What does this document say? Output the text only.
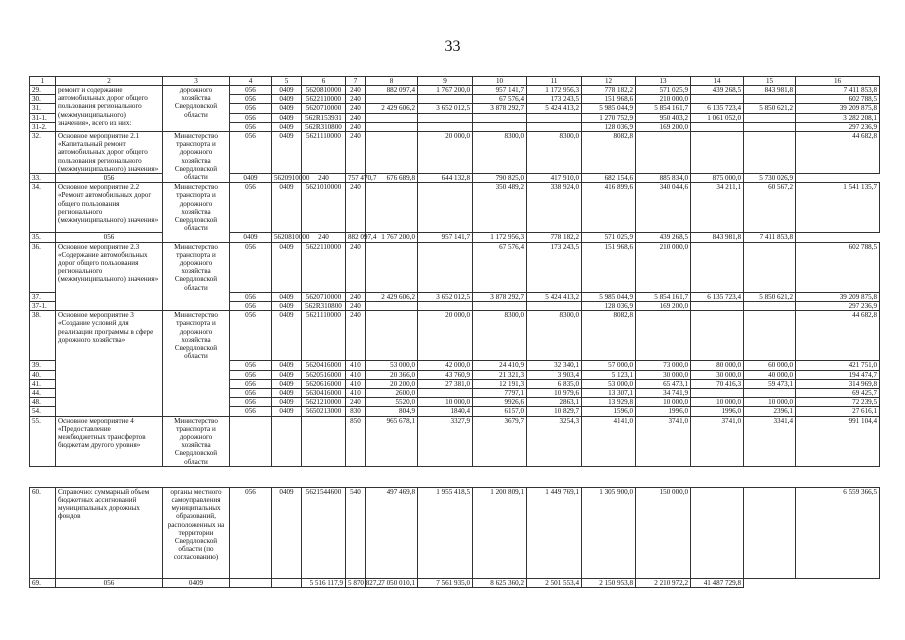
33
1	2	3	4	5	6	7	8	9	10	11	12	13	14	15	16
29.	ремонт и содержание автомобильных дорог общего пользования регионального (межмуниципального) значения», всего из них:	дорожного хозяйства Свердловской области	056	0409	5620810000	240	882 097,4	1 767 200,0	957 141,7	1 172 956,3	778 182,2	571 025,9	439 268,5	843 981,8	7 411 853,8
30.			056	0409	5622110000	240			67 576,4	173 243,5	151 968,6	210 000,0			602 788,5
31.			056	0409	5620710000	240	2 429 606,2	3 652 012,5	3 878 292,7	5 424 413,2	5 985 044,9	5 854 161,7	6 135 723,4	5 850 621,2	39 209 875,8
31-1.			056	0409	562R153931	240					1 270 752,9	950 403,2	1 061 052,0		3 282 208,1
31-2.			056	0409	562R310800	240					128 036,9	169 200,0			297 236,9
32.	Основное мероприятие 2.1 «Капитальный ремонт автомобильных дорог общего пользования регионального (межмуниципального) значения»	Министерство транспорта и дорожного хозяйства Свердловской области	056	0409	5621110000	240		20 000,0	8300,0	8300,0	8082,8				44 682,8
33.	056		0409	5620910000	240	757 470,7	676 689,8	644 132,8	790 825,0	417 910,0	682 154,6	885 834,0	875 000,0	5 730 026,9	
34.	Основное мероприятие 2.2 «Ремонт автомобильных дорог общего пользования регионального (межмуниципального) значения»	Министерство транспорта и дорожного хозяйства Свердловской области	056	0409	5621010000	240			350 489,2	338 924,0	416 899,6	340 044,6	34 211,1	60 567,2	1 541 135,7
35.	056		0409	5620810000	240	882 097,4	1 767 200,0	957 141,7	1 172 956,3	778 182,2	571 025,9	439 268,5	843 981,8	7 411 853,8	
36.	Основное мероприятие 2.3 «Содержание автомобильных дорог общего пользования регионального (межмуниципального) значения»	Министерство транспорта и дорожного хозяйства Свердловской области	056	0409	5622110000	240			67 576,4	173 243,5	151 968,6	210 000,0			602 788,5
37.			056	0409	5620710000	240	2 429 606,2	3 652 012,5	3 878 292,7	5 424 413,2	5 985 044,9	5 854 161,7	6 135 723,4	5 850 621,2	39 209 875,8
37-1.			056	0409	562R310800	240					128 036,9	169 200,0			297 236,9
38.	Основное мероприятие 3 «Создание условий для реализации программы в сфере дорожного хозяйства»	Министерство транспорта и дорожного хозяйства Свердловской области	056	0409	5621110000	240		20 000,0	8300,0	8300,0	8082,8				44 682,8
39.			056	0409	5620416000	410	53 000,0	42 000,0	24 410,9	32 340,1	57 000,0	73 000,0	80 000,0	60 000,0	421 751,0
40.			056	0409	5620516000	410	20 366,0	43 760,9	21 321,3	3 903,4	5 123,1	30 000,0	30 000,0	40 000,0	194 474,7
41.			056	0409	5620616000	410	20 200,0	27 381,0	12 191,3	6 835,0	53 000,0	65 473,1	70 416,3	59 473,1	314 969,8
44.			056	0409	5630416000	410	2600,0		7797,1	10 979,6	13 307,1	34 741,9			69 425,7
48.			056	0409	5621210000	240	5520,0	10 000,0	9926,6	2863,1	13 929,8	10 000,0	10 000,0	10 000,0	72 239,5
54.			056	0409	5650213000	830	804,9	1840,4	6157,0	10 829,7	1596,0	1996,0	1996,0	2396,1	27 616,1
55.	Основное мероприятие 4 «Предоставление межбюджетных трансфертов бюджетам другого уровня»	Министерство транспорта и дорожного хозяйства Свердловской области				850	965 678,1	3327,9	3679,7	3254,3	4141,0	3741,0	3741,0	3341,4	991 104,4

60.	Справочно: суммарный объем бюджетных ассигнований муниципальных дорожных фондов	органы местного самоуправления муниципальных образований, расположенных на территории Свердловской области (по согласованию)	056	0409	5621544600	540	497 469,8	1 955 418,5	1 200 809,1	1 449 769,1	1 305 900,0	150 000,0			6 559 366,5
69.	056	0409			5 516 117,9	5 870 827,2	7 050 010,1	7 561 935,0	8 625 360,2	2 501 553,4	2 150 953,8	2 210 972,2	41 487 729,8		
